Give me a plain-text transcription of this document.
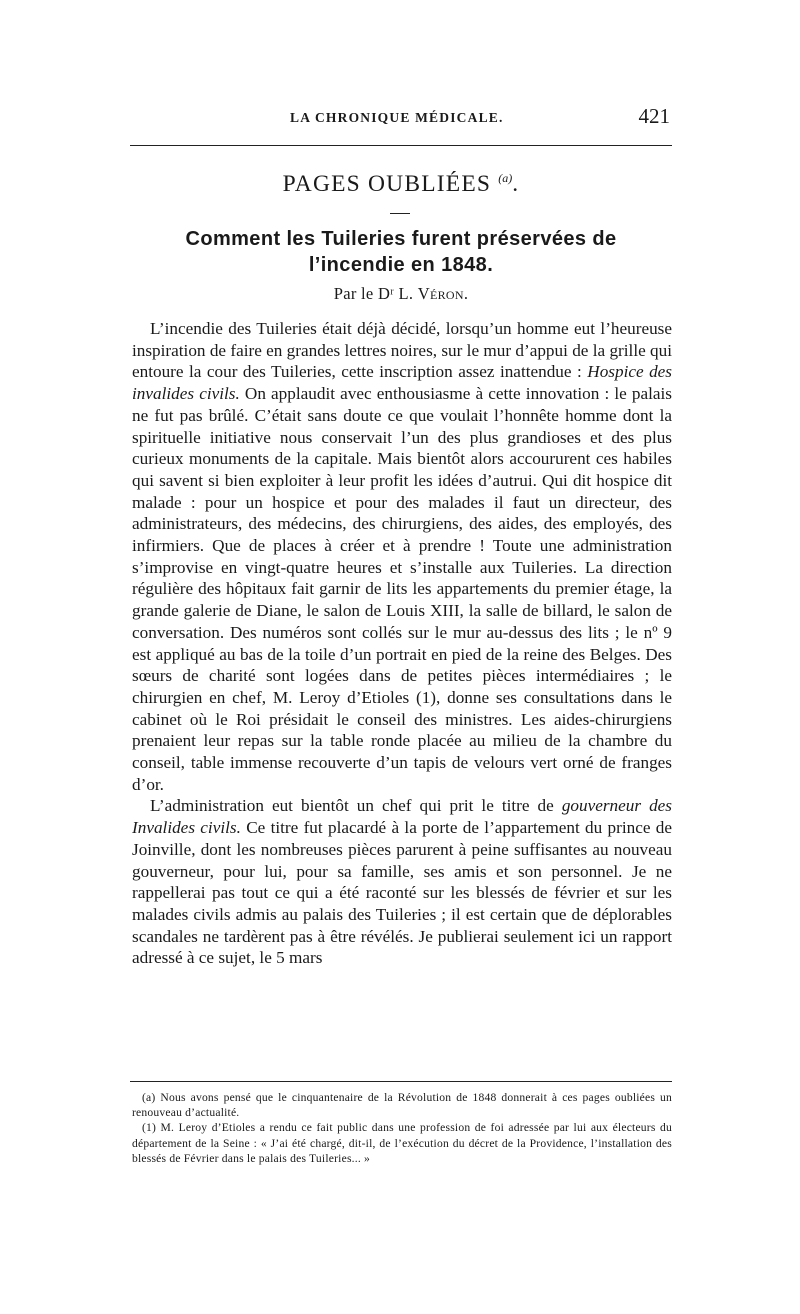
LA CHRONIQUE MÉDICALE.	421
PAGES OUBLIÉES $^{(a)}$.
Comment les Tuileries furent préservées de
l’incendie en 1848.
Par le Dʳ L. Véron.

L’incendie des Tuileries était déjà décidé, lorsqu’un homme eut l’heureuse inspiration de faire en grandes lettres noires, sur le mur d’appui de la grille qui entoure la cour des Tuileries, cette inscription assez inattendue : Hospice des invalides civils. On applaudit avec enthousiasme à cette innovation : le palais ne fut pas brûlé. C’était sans doute ce que voulait l’honnête homme dont la spirituelle initiative nous conservait l’un des plus grandioses et des plus curieux monuments de la capitale. Mais bientôt alors accoururent ces habiles qui savent si bien exploiter à leur profit les idées d’autrui. Qui dit hospice dit malade : pour un hospice et pour des malades il faut un directeur, des administrateurs, des médecins, des chirurgiens, des aides, des employés, des infirmiers. Que de places à créer et à prendre ! Toute une administration s’improvise en vingt-quatre heures et s’installe aux Tuileries. La direction régulière des hôpitaux fait garnir de lits les appartements du premier étage, la grande galerie de Diane, le salon de Louis XIII, la salle de billard, le salon de conversation. Des numéros sont collés sur le mur au-dessus des lits ; le nº 9 est appliqué au bas de la toile d’un portrait en pied de la reine des Belges. Des sœurs de charité sont logées dans de petites pièces intermédiaires ; le chirurgien en chef, M. Leroy d’Etioles (1), donne ses consultations dans le cabinet où le Roi présidait le conseil des ministres. Les aides-chirurgiens prenaient leur repas sur la table ronde placée au milieu de la chambre du conseil, table immense recouverte d’un tapis de velours vert orné de franges d’or.

L’administration eut bientôt un chef qui prit le titre de gouverneur des Invalides civils. Ce titre fut placardé à la porte de l’appartement du prince de Joinville, dont les nombreuses pièces parurent à peine suffisantes au nouveau gouverneur, pour lui, pour sa famille, ses amis et son personnel. Je ne rappellerai pas tout ce qui a été raconté sur les blessés de février et sur les malades civils admis au palais des Tuileries ; il est certain que de déplorables scandales ne tardèrent pas à être révélés. Je publierai seulement ici un rapport adressé à ce sujet, le 5 mars

(a) Nous avons pensé que le cinquantenaire de la Révolution de 1848 donnerait à ces pages oubliées un renouveau d’actualité.

(1) M. Leroy d’Etioles a rendu ce fait public dans une profession de foi adressée par lui aux électeurs du département de la Seine : « J’ai été chargé, dit-il, de l’exécution du décret de la Providence, l’installation des blessés de Février dans le palais des Tuileries... »
